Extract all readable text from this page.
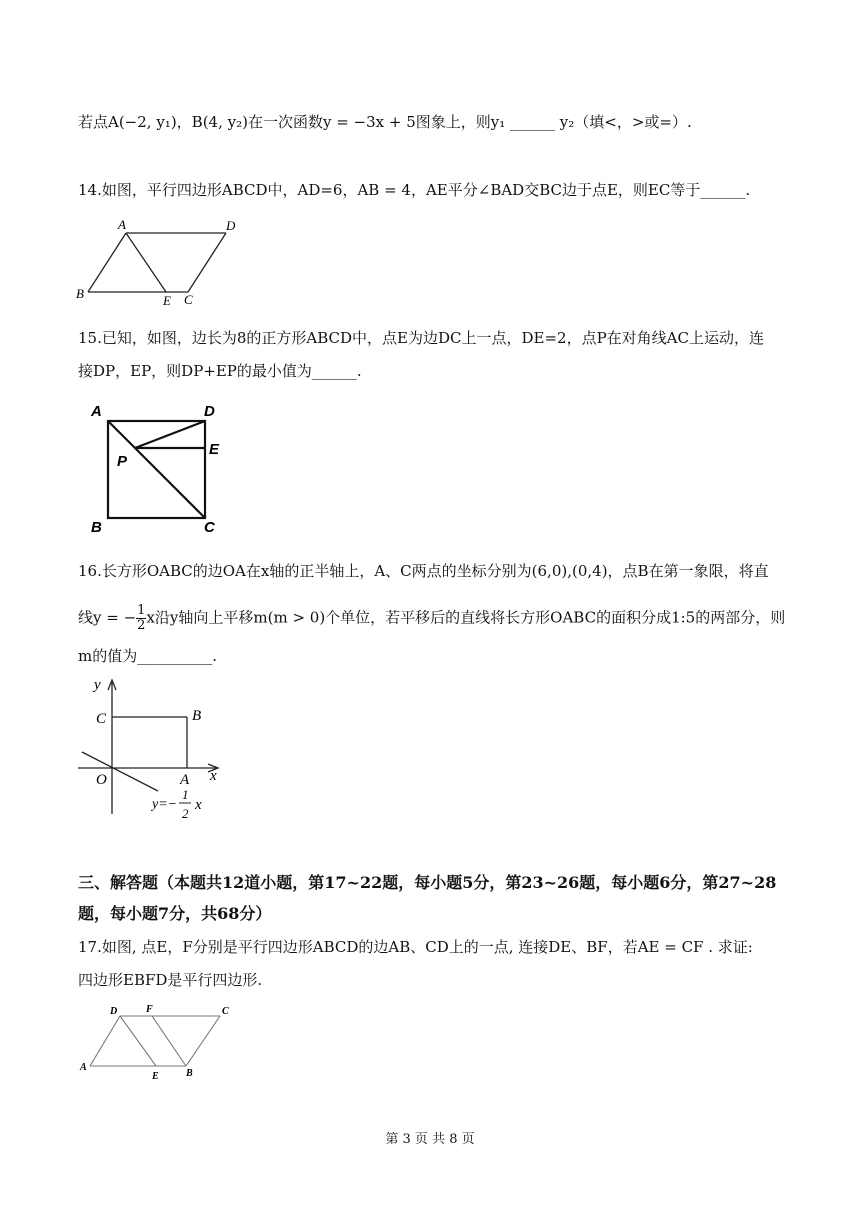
若点A(−2, y₁)，B(4, y₂)在一次函数y = −3x + 5图象上，则y₁ ______ y₂（填<，>或=）.
14.如图，平行四边形ABCD中，AD=6，AB = 4，AE平分∠BAD交BC边于点E，则EC等于______.
A	D
B	E C
15.已知，如图，边长为8的正方形ABCD中，点E为边DC上一点，DE=2，点P在对角线AC上运动，连
接DP，EP，则DP+EP的最小值为______.
A	D
E
P
B	C
16.长方形OABC的边OA在x轴的正半轴上，A、C两点的坐标分别为(6,0),(0,4)，点B在第一象限，将直
线y = − $\frac{1}{2}$ x沿y轴向上平移m(m > 0)个单位，若平移后的直线将长方形OABC的面积分成1:5的两部分，则
m的值为__________.
y
C	B
O	A x
y=−
1
2
x
三、解答题（本题共12道小题，第17~22题，每小题5分，第23~26题，每小题6分，第27~28
题，每小题7分，共68分）
17.如图, 点E，F分别是平行四边形ABCD的边AB、CD上的一点, 连接DE、BF，若AE = CF . 求证:
四边形EBFD是平行四边形.
D	F	C
A
E	B
第 3 页 共 8 页
